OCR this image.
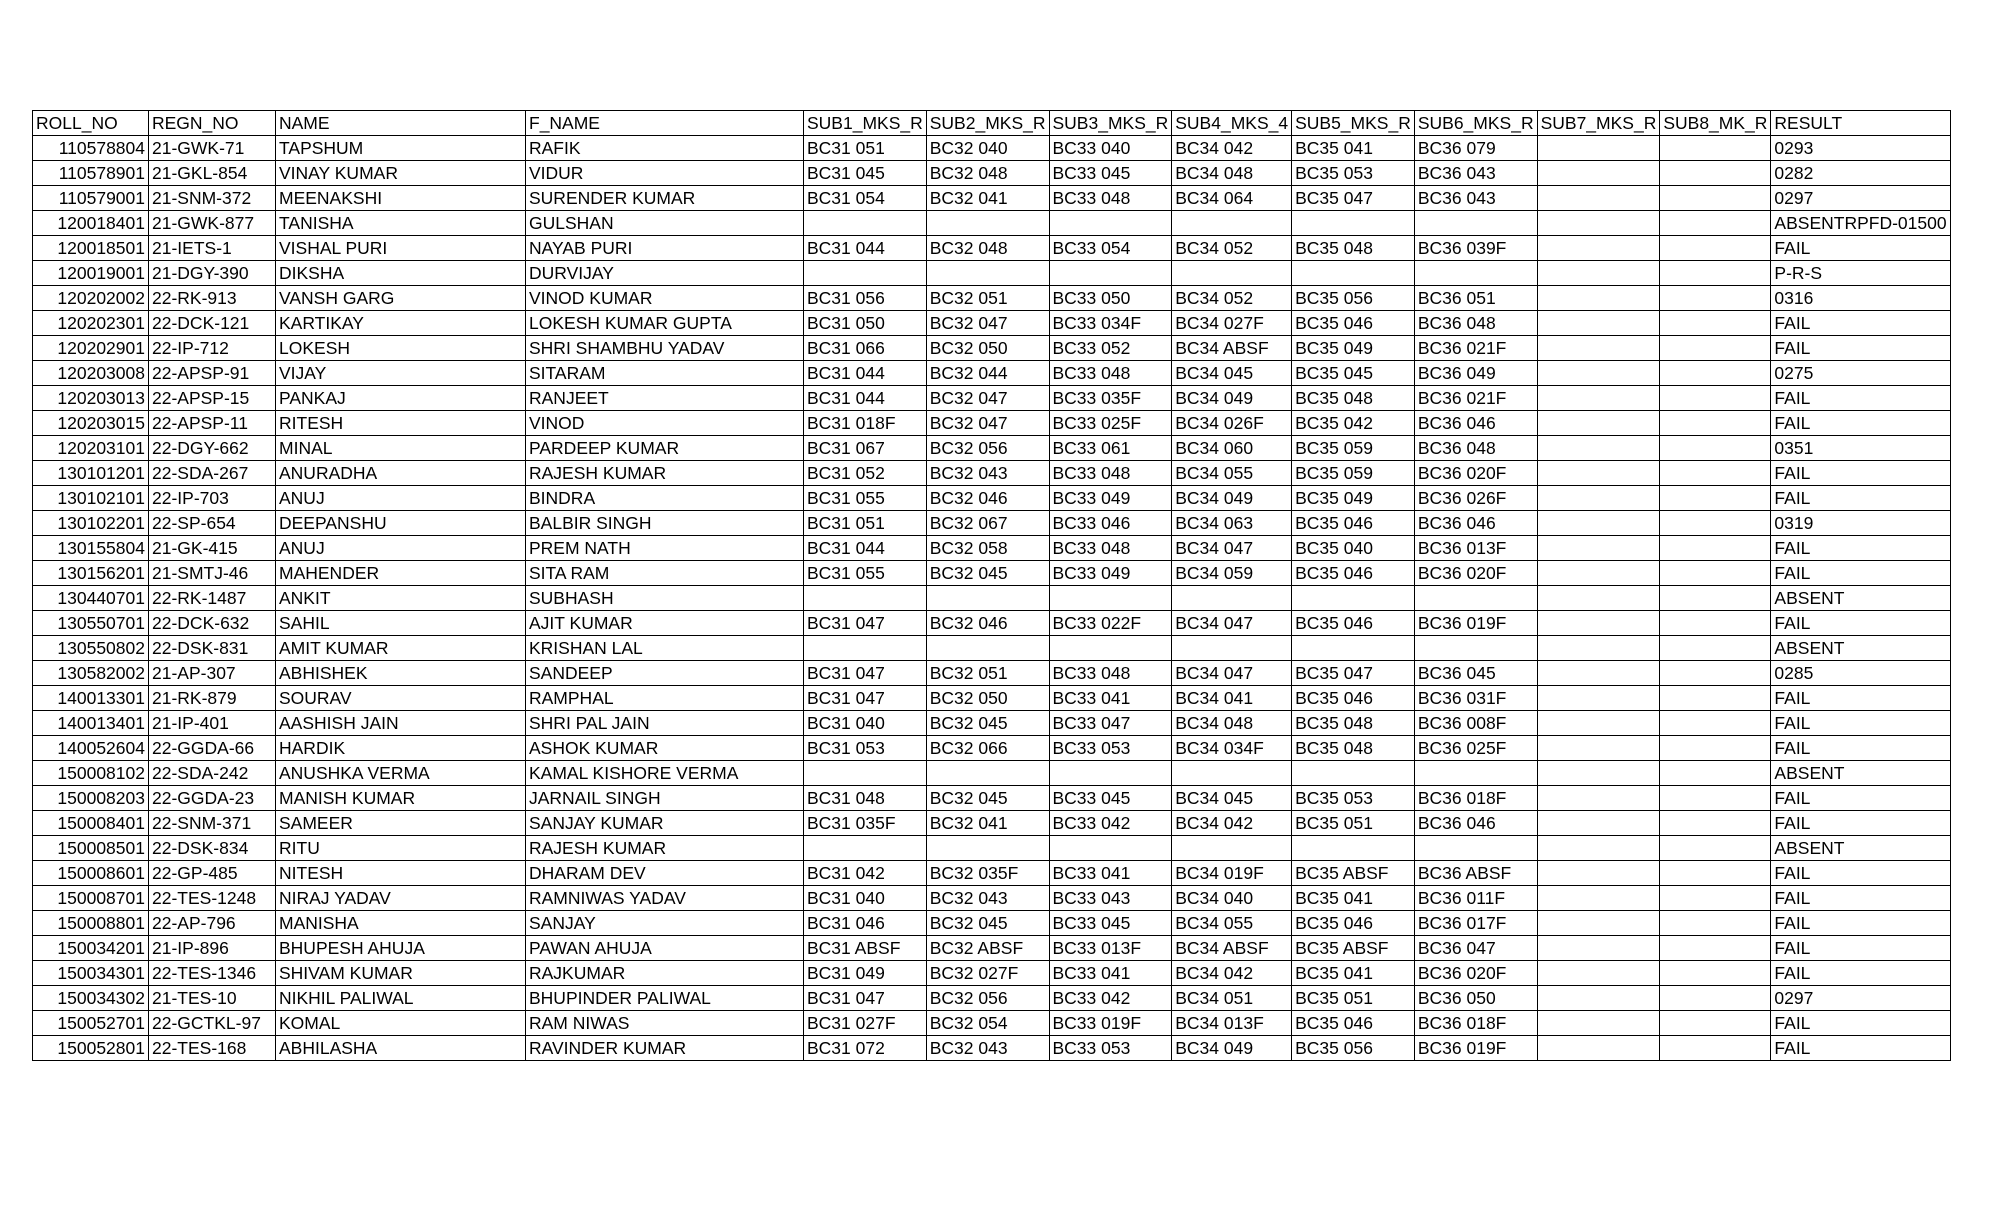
ROLL_NO	REGN_NO	NAME	F_NAME	SUB1_MKS_R	SUB2_MKS_R	SUB3_MKS_R	SUB4_MKS_4	SUB5_MKS_R	SUB6_MKS_R	SUB7_MKS_R	SUB8_MK_R	RESULT
110578804	21-GWK-71	TAPSHUM	RAFIK	BC31 051	BC32 040	BC33 040	BC34 042	BC35 041	BC36 079			0293
110578901	21-GKL-854	VINAY KUMAR	VIDUR	BC31 045	BC32 048	BC33 045	BC34 048	BC35 053	BC36 043			0282
110579001	21-SNM-372	MEENAKSHI	SURENDER KUMAR	BC31 054	BC32 041	BC33 048	BC34 064	BC35 047	BC36 043			0297
120018401	21-GWK-877	TANISHA	GULSHAN									ABSENTRPFD-01500
120018501	21-IETS-1	VISHAL PURI	NAYAB PURI	BC31 044	BC32 048	BC33 054	BC34 052	BC35 048	BC36 039F			FAIL
120019001	21-DGY-390	DIKSHA	DURVIJAY									P-R-S
120202002	22-RK-913	VANSH GARG	VINOD KUMAR	BC31 056	BC32 051	BC33 050	BC34 052	BC35 056	BC36 051			0316
120202301	22-DCK-121	KARTIKAY	LOKESH KUMAR GUPTA	BC31 050	BC32 047	BC33 034F	BC34 027F	BC35 046	BC36 048			FAIL
120202901	22-IP-712	LOKESH	SHRI SHAMBHU YADAV	BC31 066	BC32 050	BC33 052	BC34 ABSF	BC35 049	BC36 021F			FAIL
120203008	22-APSP-91	VIJAY	SITARAM	BC31 044	BC32 044	BC33 048	BC34 045	BC35 045	BC36 049			0275
120203013	22-APSP-15	PANKAJ	RANJEET	BC31 044	BC32 047	BC33 035F	BC34 049	BC35 048	BC36 021F			FAIL
120203015	22-APSP-11	RITESH	VINOD	BC31 018F	BC32 047	BC33 025F	BC34 026F	BC35 042	BC36 046			FAIL
120203101	22-DGY-662	MINAL	PARDEEP KUMAR	BC31 067	BC32 056	BC33 061	BC34 060	BC35 059	BC36 048			0351
130101201	22-SDA-267	ANURADHA	RAJESH KUMAR	BC31 052	BC32 043	BC33 048	BC34 055	BC35 059	BC36 020F			FAIL
130102101	22-IP-703	ANUJ	BINDRA	BC31 055	BC32 046	BC33 049	BC34 049	BC35 049	BC36 026F			FAIL
130102201	22-SP-654	DEEPANSHU	BALBIR SINGH	BC31 051	BC32 067	BC33 046	BC34 063	BC35 046	BC36 046			0319
130155804	21-GK-415	ANUJ	PREM NATH	BC31 044	BC32 058	BC33 048	BC34 047	BC35 040	BC36 013F			FAIL
130156201	21-SMTJ-46	MAHENDER	SITA RAM	BC31 055	BC32 045	BC33 049	BC34 059	BC35 046	BC36 020F			FAIL
130440701	22-RK-1487	ANKIT	SUBHASH									ABSENT
130550701	22-DCK-632	SAHIL	AJIT KUMAR	BC31 047	BC32 046	BC33 022F	BC34 047	BC35 046	BC36 019F			FAIL
130550802	22-DSK-831	AMIT KUMAR	KRISHAN LAL									ABSENT
130582002	21-AP-307	ABHISHEK	SANDEEP	BC31 047	BC32 051	BC33 048	BC34 047	BC35 047	BC36 045			0285
140013301	21-RK-879	SOURAV	RAMPHAL	BC31 047	BC32 050	BC33 041	BC34 041	BC35 046	BC36 031F			FAIL
140013401	21-IP-401	AASHISH JAIN	SHRI PAL JAIN	BC31 040	BC32 045	BC33 047	BC34 048	BC35 048	BC36 008F			FAIL
140052604	22-GGDA-66	HARDIK	ASHOK KUMAR	BC31 053	BC32 066	BC33 053	BC34 034F	BC35 048	BC36 025F			FAIL
150008102	22-SDA-242	ANUSHKA VERMA	KAMAL KISHORE VERMA									ABSENT
150008203	22-GGDA-23	MANISH KUMAR	JARNAIL SINGH	BC31 048	BC32 045	BC33 045	BC34 045	BC35 053	BC36 018F			FAIL
150008401	22-SNM-371	SAMEER	SANJAY KUMAR	BC31 035F	BC32 041	BC33 042	BC34 042	BC35 051	BC36 046			FAIL
150008501	22-DSK-834	RITU	RAJESH KUMAR									ABSENT
150008601	22-GP-485	NITESH	DHARAM DEV	BC31 042	BC32 035F	BC33 041	BC34 019F	BC35 ABSF	BC36 ABSF			FAIL
150008701	22-TES-1248	NIRAJ YADAV	RAMNIWAS YADAV	BC31 040	BC32 043	BC33 043	BC34 040	BC35 041	BC36 011F			FAIL
150008801	22-AP-796	MANISHA	SANJAY	BC31 046	BC32 045	BC33 045	BC34 055	BC35 046	BC36 017F			FAIL
150034201	21-IP-896	BHUPESH AHUJA	PAWAN AHUJA	BC31 ABSF	BC32 ABSF	BC33 013F	BC34 ABSF	BC35 ABSF	BC36 047			FAIL
150034301	22-TES-1346	SHIVAM KUMAR	RAJKUMAR	BC31 049	BC32 027F	BC33 041	BC34 042	BC35 041	BC36 020F			FAIL
150034302	21-TES-10	NIKHIL PALIWAL	BHUPINDER PALIWAL	BC31 047	BC32 056	BC33 042	BC34 051	BC35 051	BC36 050			0297
150052701	22-GCTKL-97	KOMAL	RAM NIWAS	BC31 027F	BC32 054	BC33 019F	BC34 013F	BC35 046	BC36 018F			FAIL
150052801	22-TES-168	ABHILASHA	RAVINDER KUMAR	BC31 072	BC32 043	BC33 053	BC34 049	BC35 056	BC36 019F			FAIL
